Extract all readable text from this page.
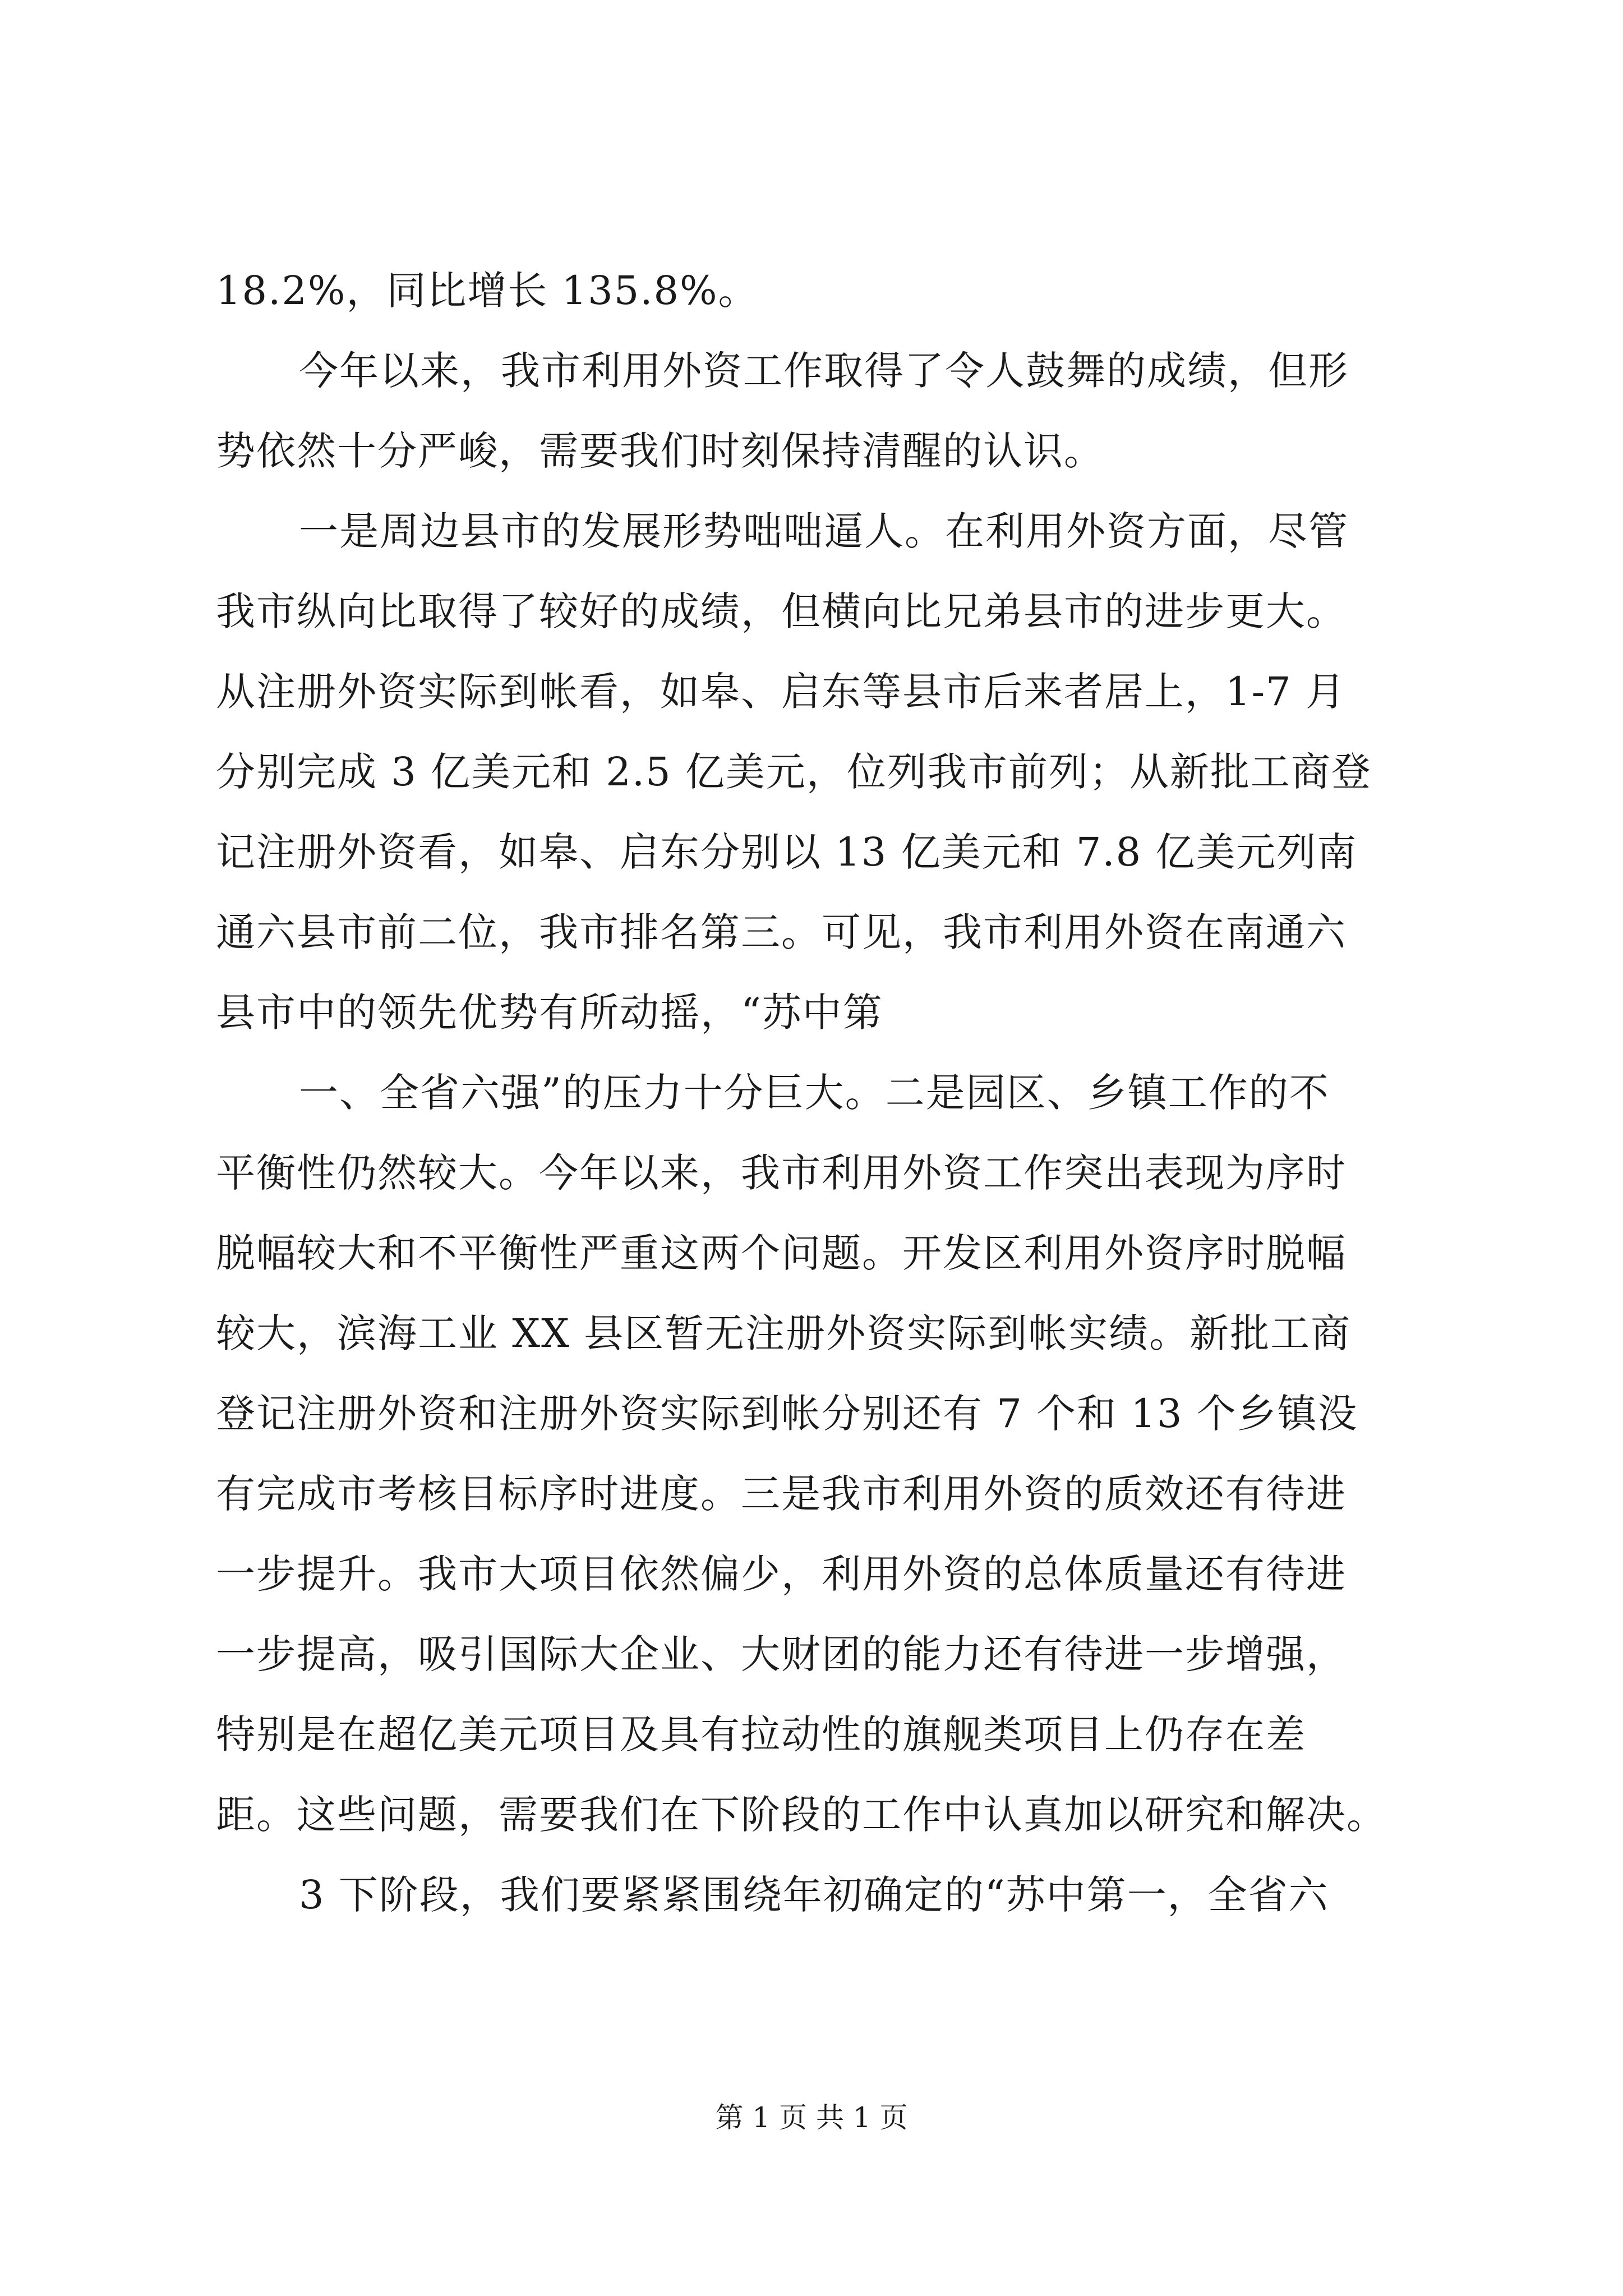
18.2%，同比增长 135.8%。
今年以来，我市利用外资工作取得了令人鼓舞的成绩，但形
势依然十分严峻，需要我们时刻保持清醒的认识。
一是周边县市的发展形势咄咄逼人。在利用外资方面，尽管
我市纵向比取得了较好的成绩，但横向比兄弟县市的进步更大。
从注册外资实际到帐看，如皋、启东等县市后来者居上，1-7 月
分别完成 3 亿美元和 2.5 亿美元，位列我市前列；从新批工商登
记注册外资看，如皋、启东分别以 13 亿美元和 7.8 亿美元列南
通六县市前二位，我市排名第三。可见，我市利用外资在南通六
县市中的领先优势有所动摇，“苏中第
一、全省六强”的压力十分巨大。二是园区、乡镇工作的不
平衡性仍然较大。今年以来，我市利用外资工作突出表现为序时
脱幅较大和不平衡性严重这两个问题。开发区利用外资序时脱幅
较大，滨海工业 XX 县区暂无注册外资实际到帐实绩。新批工商
登记注册外资和注册外资实际到帐分别还有 7 个和 13 个乡镇没
有完成市考核目标序时进度。三是我市利用外资的质效还有待进
一步提升。我市大项目依然偏少，利用外资的总体质量还有待进
一步提高，吸引国际大企业、大财团的能力还有待进一步增强，
特别是在超亿美元项目及具有拉动性的旗舰类项目上仍存在差
距。这些问题，需要我们在下阶段的工作中认真加以研究和解决。
3 下阶段，我们要紧紧围绕年初确定的“苏中第一，全省六
第 1 页 共 1 页
